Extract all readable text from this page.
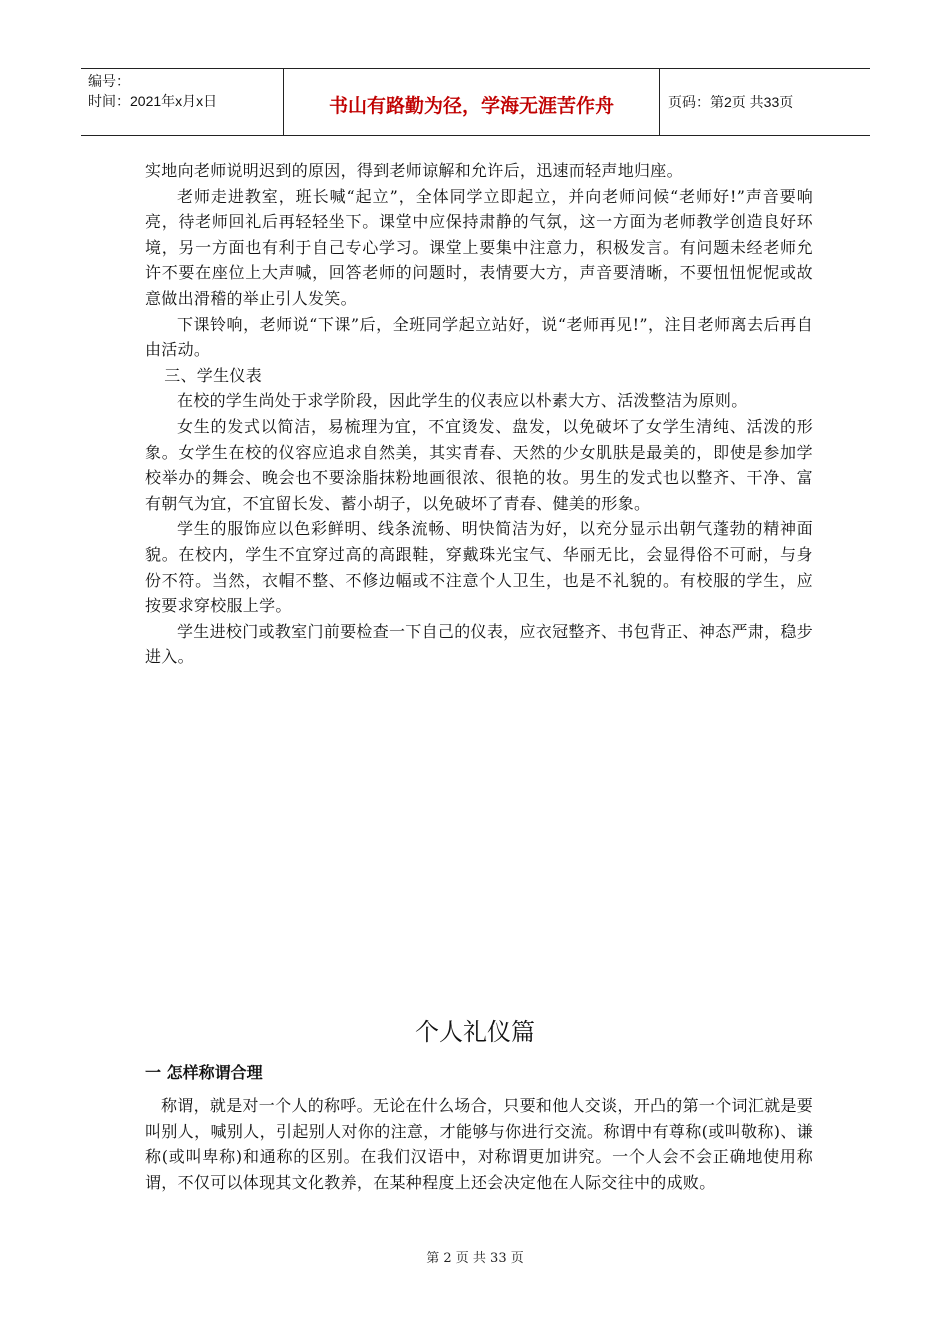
编号：
时间：2021年x月x日	书山有路勤为径，学海无涯苦作舟	页码：第2页 共33页

实地向老师说明迟到的原因，得到老师谅解和允许后，迅速而轻声地归座。

老师走进教室，班长喊“起立”，全体同学立即起立，并向老师问候“老师好!”声音要响亮，待老师回礼后再轻轻坐下。课堂中应保持肃静的气氛，这一方面为老师教学创造良好环境，另一方面也有利于自己专心学习。课堂上要集中注意力，积极发言。有问题未经老师允许不要在座位上大声喊，回答老师的问题时，表情要大方，声音要清晰，不要忸忸怩怩或故意做出滑稽的举止引人发笑。

下课铃响，老师说“下课”后，全班同学起立站好，说“老师再见!”，注目老师离去后再自由活动。

三、学生仪表

在校的学生尚处于求学阶段，因此学生的仪表应以朴素大方、活泼整洁为原则。

女生的发式以简洁，易梳理为宜，不宜烫发、盘发，以免破坏了女学生清纯、活泼的形象。女学生在校的仪容应追求自然美，其实青春、天然的少女肌肤是最美的，即使是参加学校举办的舞会、晚会也不要涂脂抹粉地画很浓、很艳的妆。男生的发式也以整齐、干净、富有朝气为宜，不宜留长发、蓄小胡子，以免破坏了青春、健美的形象。

学生的服饰应以色彩鲜明、线条流畅、明快简洁为好，以充分显示出朝气蓬勃的精神面貌。在校内，学生不宜穿过高的高跟鞋，穿戴珠光宝气、华丽无比，会显得俗不可耐，与身份不符。当然，衣帽不整、不修边幅或不注意个人卫生，也是不礼貌的。有校服的学生，应按要求穿校服上学。

学生进校门或教室门前要检查一下自己的仪表，应衣冠整齐、书包背正、神态严肃，稳步进入。

个人礼仪篇
一 怎样称谓合理

称谓，就是对一个人的称呼。无论在什么场合，只要和他人交谈，开凸的第一个词汇就是要叫别人，喊别人，引起别人对你的注意，才能够与你进行交流。称谓中有尊称(或叫敬称)、谦称(或叫卑称)和通称的区别。在我们汉语中，对称谓更加讲究。一个人会不会正确地使用称谓，不仅可以体现其文化教养，在某种程度上还会决定他在人际交往中的成败。

第 2 页 共 33 页
